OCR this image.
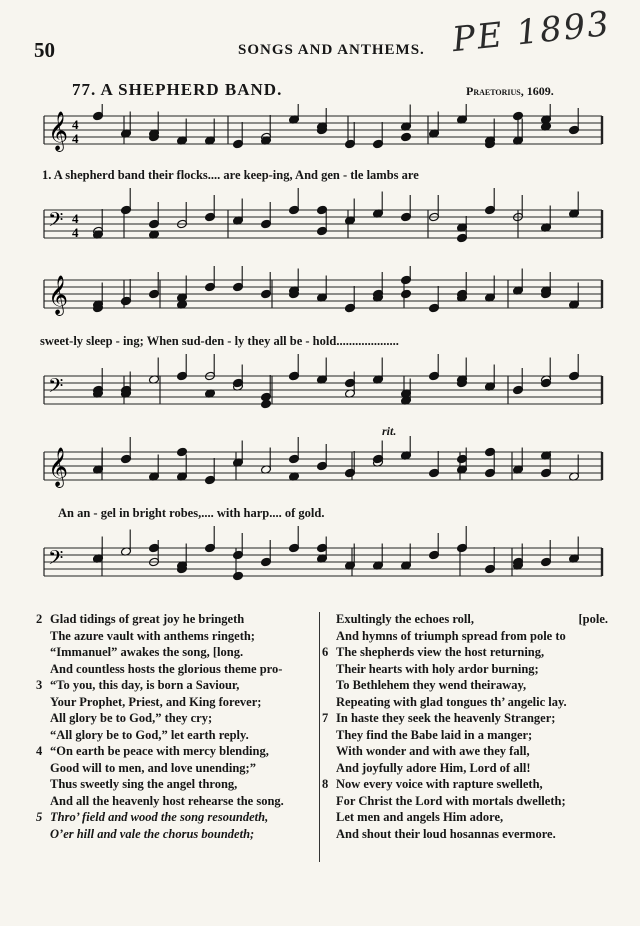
50	SONGS AND ANTHEMS. PE 1893
77. A SHEPHERD BAND.	Praetorius, 1609.
𝄞
𝄢
4
4
4
4
1. A shepherd band their flocks.... are keep-ing, And gen - tle lambs are
𝄞
𝄢
sweet-ly sleep - ing; When sud-den - ly they all be - hold....................
𝄞
𝄢
An an - gel in bright robes,.... with harp.... of gold.
rit.
2 Glad tidings of great joy he bringeth
The azure vault with anthems ringeth;
“Immanuel” awakes the song, [long.
And countless hosts the glorious theme pro-
3 “To you, this day, is born a Saviour,
Your Prophet, Priest, and King forever;
All glory be to God,” they cry;
“All glory be to God,” let earth reply.
4 “On earth be peace with mercy blending,
Good will to men, and love unending;”
Thus sweetly sing the angel throng,
And all the heavenly host rehearse the song.
5 Thro’ field and wood the song resoundeth,
O’er hill and vale the chorus boundeth;
Exultingly the echoes roll,	[pole.
And hymns of triumph spread from pole to
6 The shepherds view the host returning,
Their hearts with holy ardor burning;
To Bethlehem they wend theiraway,
Repeating with glad tongues th’ angelic lay.
7 In haste they seek the heavenly Stranger;
They find the Babe laid in a manger;
With wonder and with awe they fall,
And joyfully adore Him, Lord of all!
8 Now every voice with rapture swelleth,
For Christ the Lord with mortals dwelleth;
Let men and angels Him adore,
And shout their loud hosannas evermore.
